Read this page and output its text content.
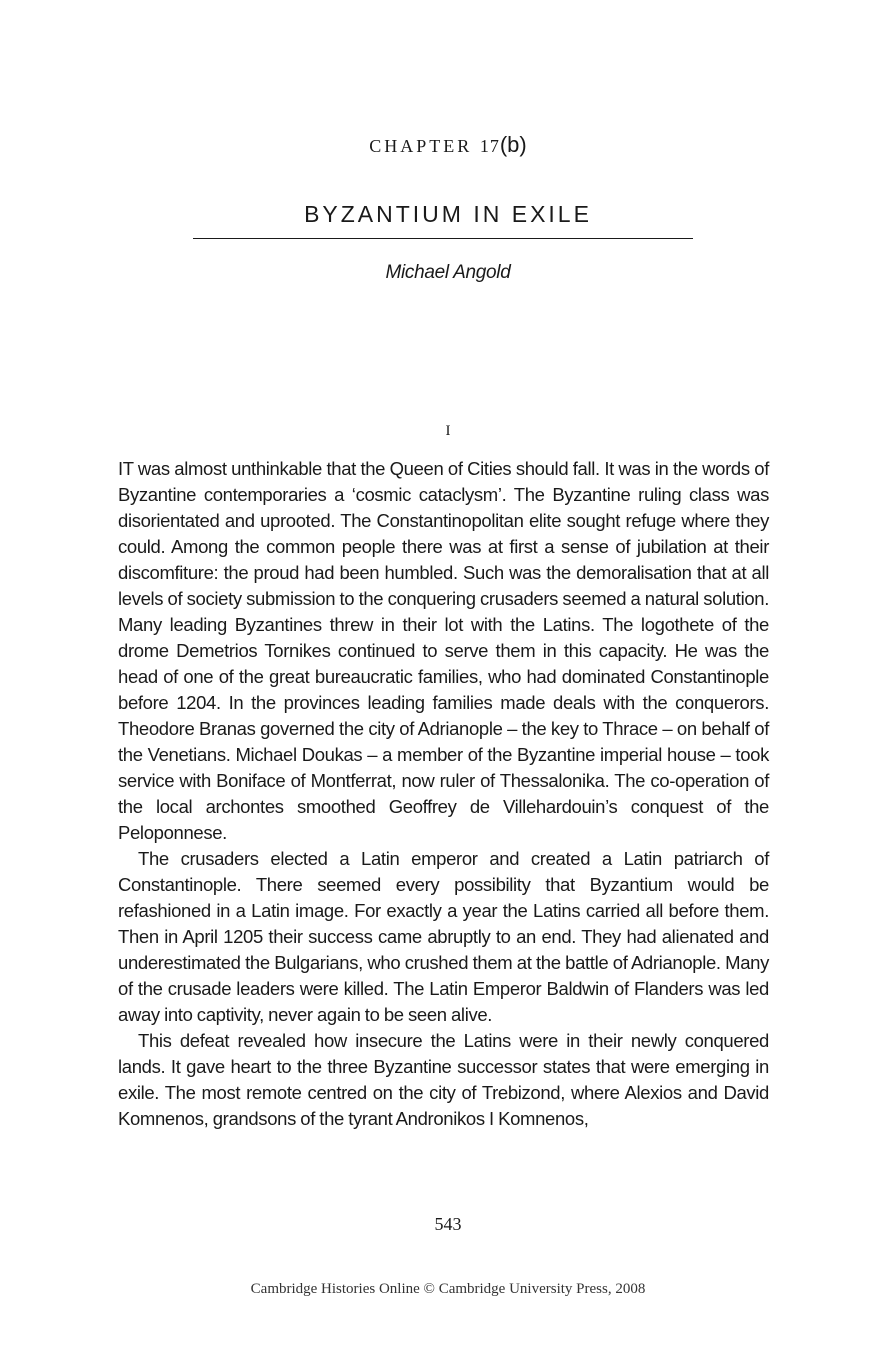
CHAPTER 17(b)
BYZANTIUM IN EXILE
Michael Angold
I

IT was almost unthinkable that the Queen of Cities should fall. It was in the words of Byzantine contemporaries a ‘cosmic cataclysm’. The Byzantine ruling class was disorientated and uprooted. The Constantinopolitan elite sought refuge where they could. Among the common people there was at first a sense of jubilation at their discomfiture: the proud had been humbled. Such was the demoralisation that at all levels of society submission to the conquering crusaders seemed a natural solution. Many leading Byzantines threw in their lot with the Latins. The logothete of the drome Demetrios Tornikes continued to serve them in this capacity. He was the head of one of the great bureaucratic families, who had dominated Constantinople before 1204. In the provinces leading families made deals with the conquerors. Theodore Branas governed the city of Adrianople – the key to Thrace – on behalf of the Venetians. Michael Doukas – a member of the Byzantine imperial house – took service with Boniface of Montferrat, now ruler of Thessalonika. The co-operation of the local archontes smoothed Geoffrey de Villehardouin’s conquest of the Peloponnese.

The crusaders elected a Latin emperor and created a Latin patriarch of Constantinople. There seemed every possibility that Byzantium would be refashioned in a Latin image. For exactly a year the Latins carried all before them. Then in April 1205 their success came abruptly to an end. They had alienated and underestimated the Bulgarians, who crushed them at the battle of Adrianople. Many of the crusade leaders were killed. The Latin Emperor Baldwin of Flanders was led away into captivity, never again to be seen alive.

This defeat revealed how insecure the Latins were in their newly conquered lands. It gave heart to the three Byzantine successor states that were emerging in exile. The most remote centred on the city of Trebizond, where Alexios and David Komnenos, grandsons of the tyrant Andronikos I Komnenos,

543
Cambridge Histories Online © Cambridge University Press, 2008
